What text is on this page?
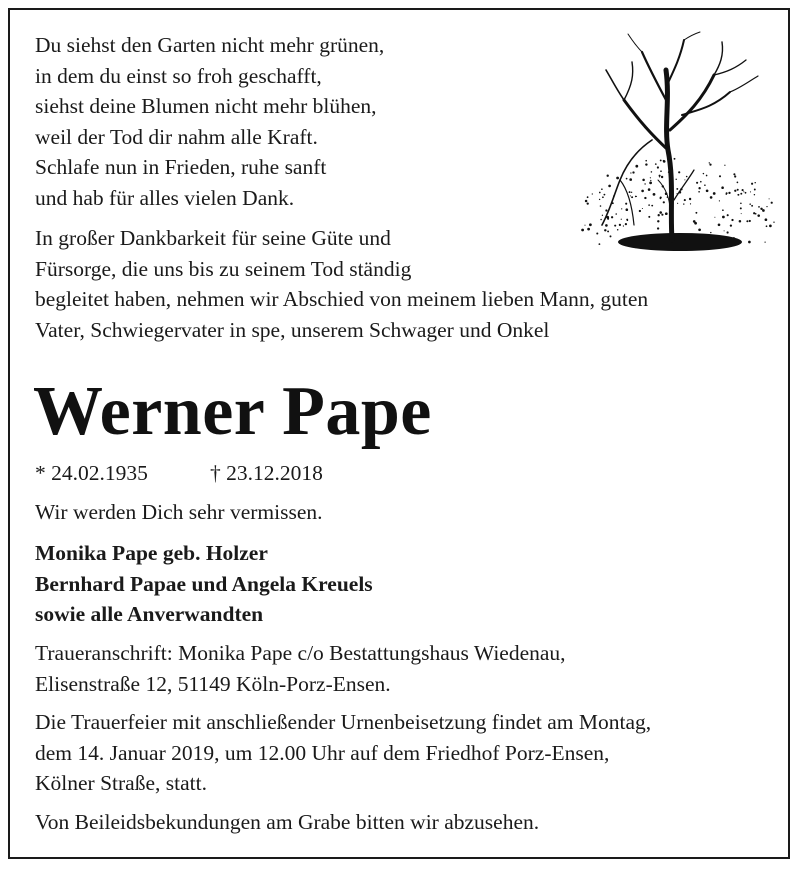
Du siehst den Garten nicht mehr grünen,
in dem du einst so froh geschafft,
siehst deine Blumen nicht mehr blühen,
weil der Tod dir nahm alle Kraft.
Schlafe nun in Frieden, ruhe sanft
und hab für alles vielen Dank.

In großer Dankbarkeit für seine Güte und
Fürsorge, die uns bis zu seinem Tod ständig
begleitet haben, nehmen wir Abschied von meinem lieben Mann, guten
Vater, Schwiegervater in spe, unserem Schwager und Onkel

Werner Pape
* 24.02.1935	† 23.12.2018

Wir werden Dich sehr vermissen.

Monika Pape geb. Holzer
Bernhard Papae und Angela Kreuels
sowie alle Anverwandten

Traueranschrift: Monika Pape c/o Bestattungshaus Wiedenau,
Elisenstraße 12, 51149 Köln-Porz-Ensen.

Die Trauerfeier mit anschließender Urnenbeisetzung findet am Montag,
dem 14. Januar 2019, um 12.00 Uhr auf dem Friedhof Porz-Ensen,
Kölner Straße, statt.

Von Beileidsbekundungen am Grabe bitten wir abzusehen.
